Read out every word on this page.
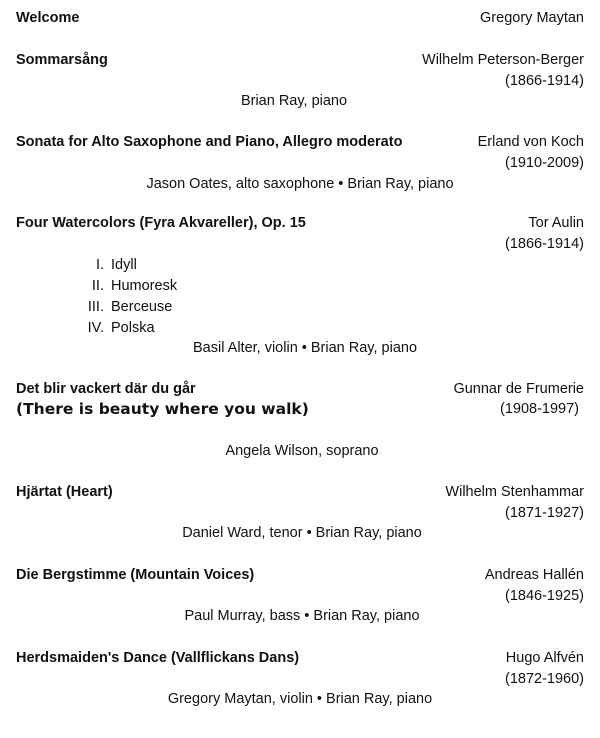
Welcome	Gregory Maytan
Sommarsång	Wilhelm Peterson-Berger
(1866-1914)
Brian Ray, piano
Sonata for Alto Saxophone and Piano, Allegro moderato	Erland von Koch
(1910-2009)
Jason Oates, alto saxophone • Brian Ray, piano
Four Watercolors (Fyra Akvareller), Op. 15	Tor Aulin
(1866-1914)
I. Idyll
II. Humoresk
III. Berceuse
IV. Polska
Basil Alter, violin • Brian Ray, piano
Det blir vackert där du går	Gunnar de Frumerie
(There is beauty where you walk)	(1908-1997)
Angela Wilson, soprano
Hjärtat (Heart)	Wilhelm Stenhammar
(1871-1927)
Daniel Ward, tenor • Brian Ray, piano
Die Bergstimme (Mountain Voices)	Andreas Hallén
(1846-1925)
Paul Murray, bass • Brian Ray, piano
Herdsmaiden's Dance (Vallflickans Dans)	Hugo Alfvén
(1872-1960)
Gregory Maytan, violin • Brian Ray, piano
